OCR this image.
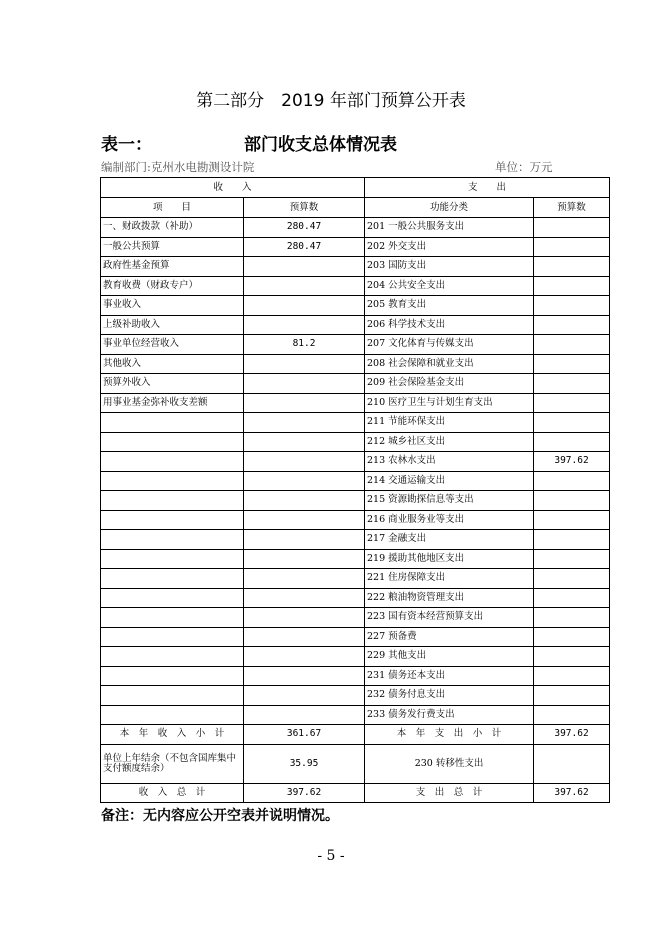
第二部分　2019 年部门预算公开表
表一：	部门收支总体情况表
编制部门:克州水电勘测设计院	单位：万元
收　　入		支　　出	
项　　目	预算数	功能分类	预算数
一、财政拨款（补助）	280.47	201 一般公共服务支出	
一般公共预算	280.47	202 外交支出	
政府性基金预算		203 国防支出	
教育收费（财政专户）		204 公共安全支出	
事业收入		205 教育支出	
上级补助收入		206 科学技术支出	
事业单位经营收入	81.2	207 文化体育与传媒支出	
其他收入		208 社会保障和就业支出	
预算外收入		209 社会保险基金支出	
用事业基金弥补收支差额		210 医疗卫生与计划生育支出	
		211 节能环保支出	
		212 城乡社区支出	
		213 农林水支出	397.62
		214 交通运输支出	
		215 资源勘探信息等支出	
		216 商业服务业等支出	
		217 金融支出	
		219 援助其他地区支出	
		221 住房保障支出	
		222 粮油物资管理支出	
		223 国有资本经营预算支出	
		227 预备费	
		229 其他支出	
		231 债务还本支出	
		232 债务付息支出	
		233 债务发行费支出	
本　年　收　入　小　计	361.67	本　年　支　出　小　计	397.62
单位上年结余（不包含国库集中支付额度结余）	35.95	230 转移性支出	
收　入　总　计	397.62	支　出　总　计	397.62
备注：无内容应公开空表并说明情况。
- 5 -
